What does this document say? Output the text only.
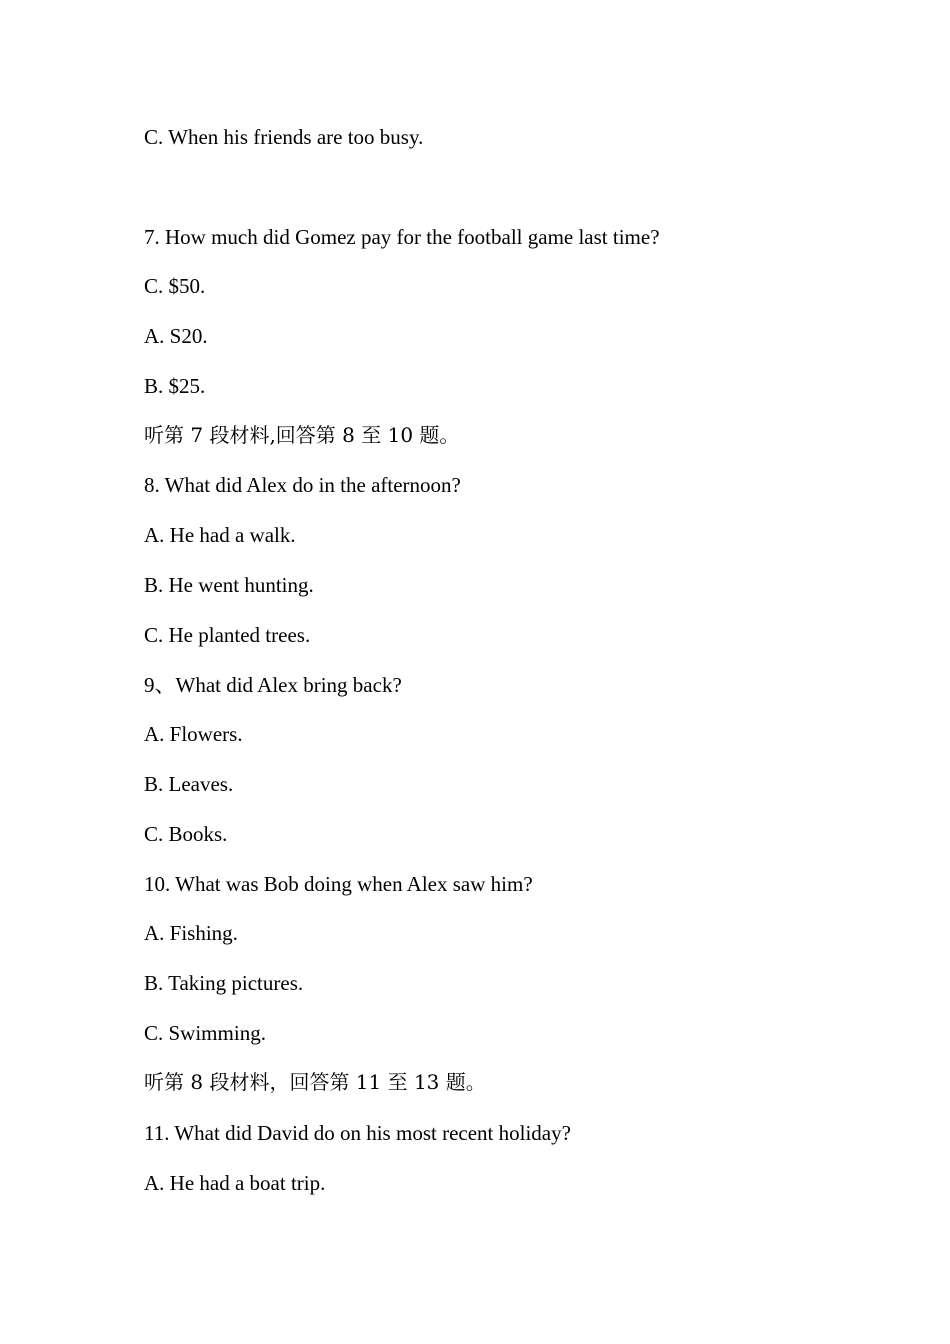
C. When his friends are too busy.
7. How much did Gomez pay for the football game last time?
C. $50.
A. S20.
B. $25.
听第 7 段材料,回答第 8 至 10 题。
8. What did Alex do in the afternoon?
A. He had a walk.
B. He went hunting.
C. He planted trees.
9、What did Alex bring back?
A. Flowers.
B. Leaves.
C. Books.
10. What was Bob doing when Alex saw him?
A. Fishing.
B. Taking pictures.
C. Swimming.
听第 8 段材料，回答第 11 至 13 题。
11. What did David do on his most recent holiday?
A. He had a boat trip.
